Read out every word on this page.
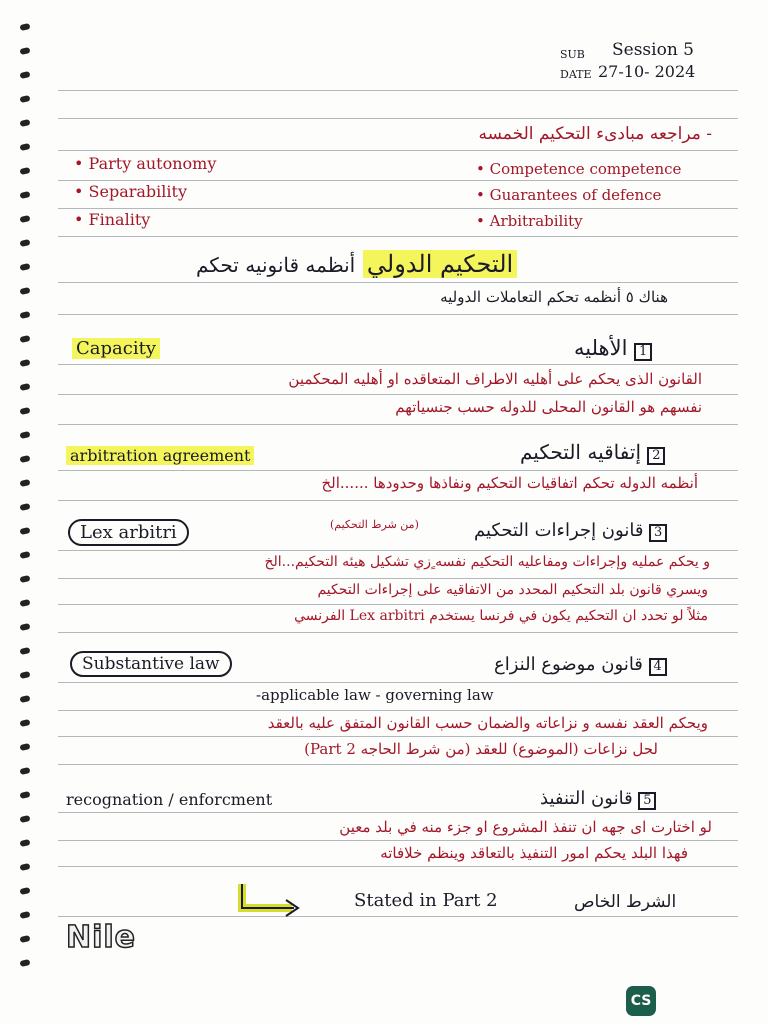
SUB Session 5
DATE 27-10- 2024
- مراجعه مبادىء التحكيم الخمسه
• Party autonomy
• Separability
• Finality
• Competence competence
• Guarantees of defence
• Arbitrability
التحكيم الدولي أنظمه قانونيه تحكم
هناك ٥ أنظمه تحكم التعاملات الدوليه
Capacity	الأهليه 1
القانون الذى يحكم على أهليه الاطراف المتعاقده او أهليه المحكمين
نفسهم هو القانون المحلى للدوله حسب جنسياتهم
arbitration agreement	إتفاقيه التحكيم 2
أنظمه الدوله تحكم اتفاقيات التحكيم ونفاذها وحدودها ......الخ
Lex arbitri	(من شرط التحكيم)	قانون إجراءات التحكيم 3
و يحكم عمليه وإجراءات ومفاعليه التحكيم نفسه ٍزي تشكيل هيئه التحكيم...الخ
ويسري قانون بلد التحكيم المحدد من الاتفاقيه على إجراءات التحكيم
مثلاً لو تحدد ان التحكيم يكون في فرنسا يستخدم Lex arbitri الفرنسي
Substantive law	قانون موضوع النزاع 4
-applicable law - governing law
ويحكم العقد نفسه و نزاعاته والضمان حسب القانون المتفق عليه بالعقد
لحل نزاعات (الموضوع) للعقد (من شرط الحاجه Part 2)
recognation / enforcment	قانون التنفيذ 5
لو اختارت اى جهه ان تنفذ المشروع او جزء منه في بلد معين
فهذا البلد يحكم امور التنفيذ بالتعاقد وينظم خلافاته
Stated in Part 2	الشرط الخاص
Nile
CS
